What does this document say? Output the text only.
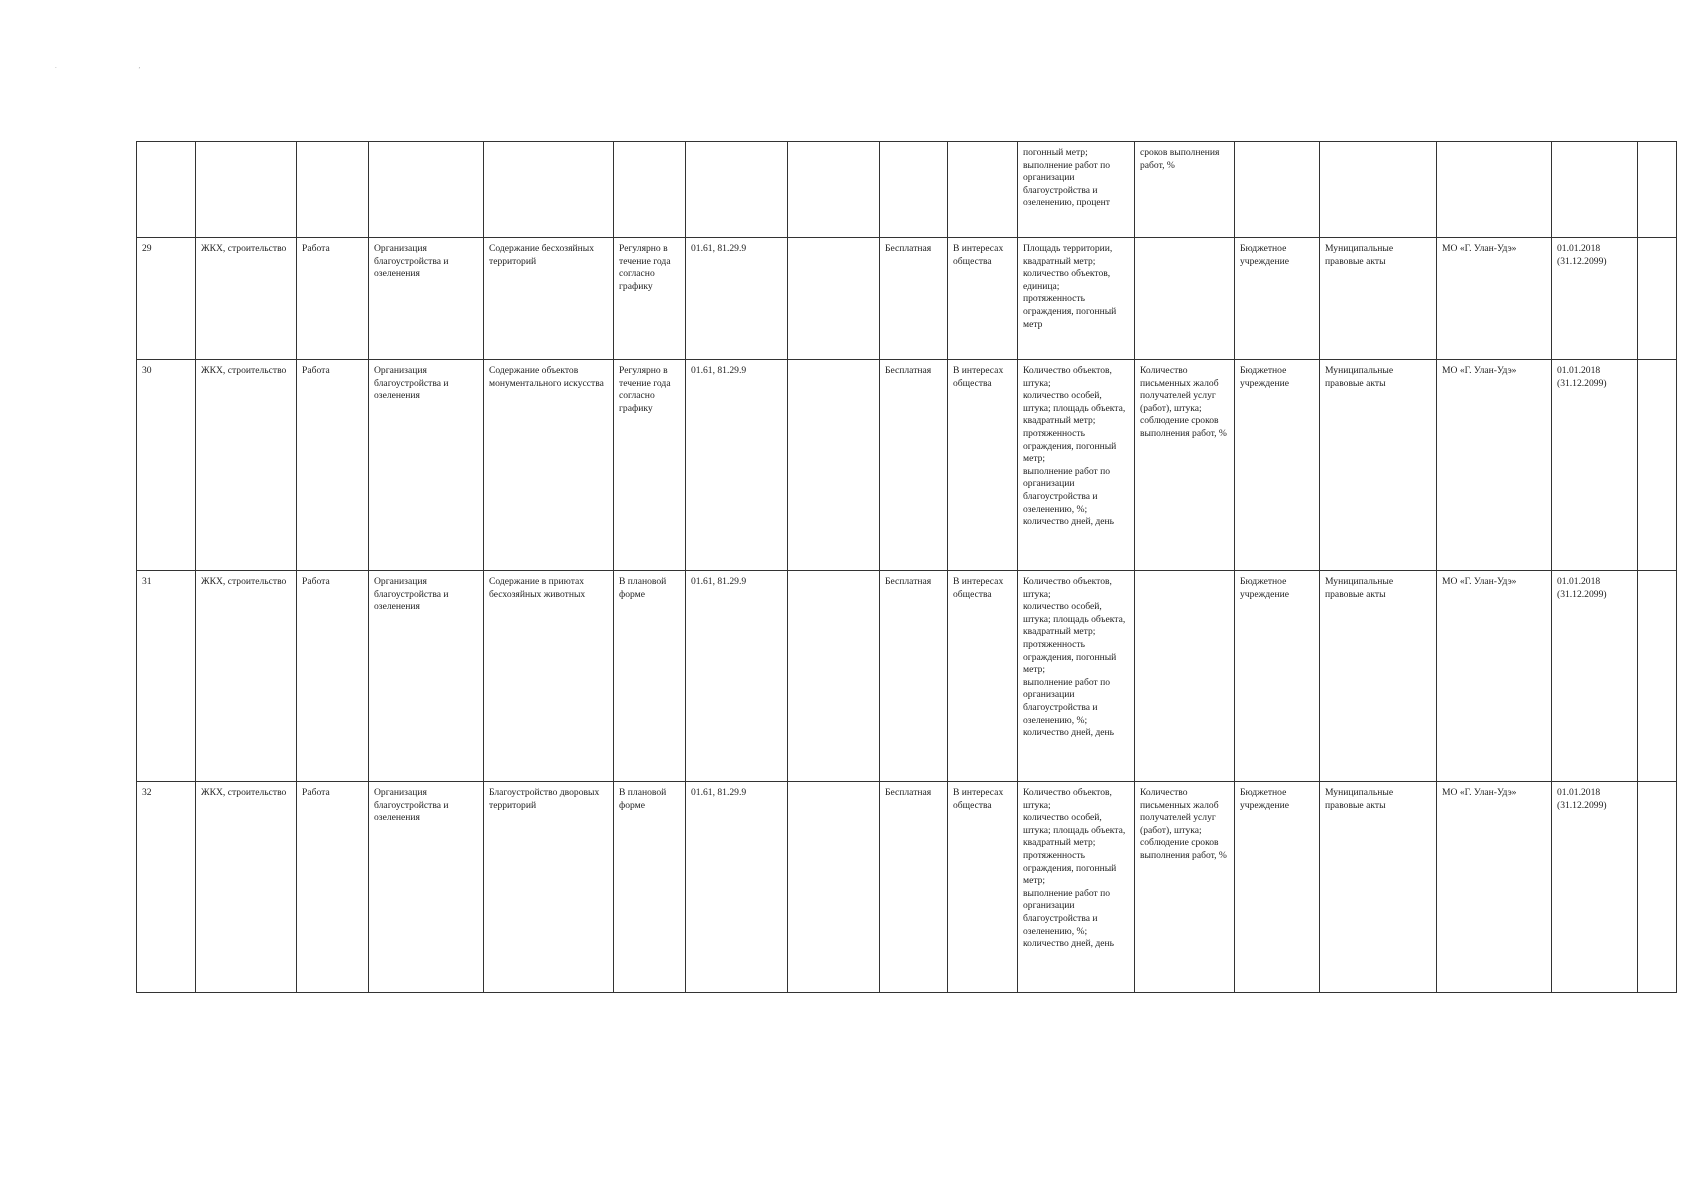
. ,
										погонный метр;
выполнение работ по организации благоустройства и озеленению, процент	сроков выполнения работ, %					
29	ЖКХ, строительство	Работа	Организация благоустройства и озеленения	Содержание бесхозяйных территорий	Регулярно в течение года согласно графику	01.61, 81.29.9		Бесплатная	В интересах общества	Площадь территории, квадратный метр;
количество объектов, единица;
протяженность ограждения, погонный метр		Бюджетное учреждение	Муниципальные правовые акты	МО «Г. Улан-Удэ»	01.01.2018 (31.12.2099)	
30	ЖКХ, строительство	Работа	Организация благоустройства и озеленения	Содержание объектов монументального искусства	Регулярно в течение года согласно графику	01.61, 81.29.9		Бесплатная	В интересах общества	Количество объектов, штука;
количество особей, штука; площадь объекта, квадратный метр;
протяженность ограждения, погонный метр;
выполнение работ по организации благоустройства и озеленению, %;
количество дней, день	Количество письменных жалоб получателей услуг (работ), штука;
соблюдение сроков выполнения работ, %	Бюджетное учреждение	Муниципальные правовые акты	МО «Г. Улан-Удэ»	01.01.2018 (31.12.2099)	
31	ЖКХ, строительство	Работа	Организация благоустройства и озеленения	Содержание в приютах бесхозяйных животных	В плановой форме	01.61, 81.29.9		Бесплатная	В интересах общества	Количество объектов, штука;
количество особей, штука; площадь объекта, квадратный метр;
протяженность ограждения, погонный метр;
выполнение работ по организации благоустройства и озеленению, %;
количество дней, день		Бюджетное учреждение	Муниципальные правовые акты	МО «Г. Улан-Удэ»	01.01.2018 (31.12.2099)	
32	ЖКХ, строительство	Работа	Организация благоустройства и озеленения	Благоустройство дворовых территорий	В плановой форме	01.61, 81.29.9		Бесплатная	В интересах общества	Количество объектов, штука;
количество особей, штука; площадь объекта, квадратный метр;
протяженность ограждения, погонный метр;
выполнение работ по организации благоустройства и озеленению, %;
количество дней, день	Количество письменных жалоб получателей услуг (работ), штука;
соблюдение сроков выполнения работ, %	Бюджетное учреждение	Муниципальные правовые акты	МО «Г. Улан-Удэ»	01.01.2018 (31.12.2099)	
